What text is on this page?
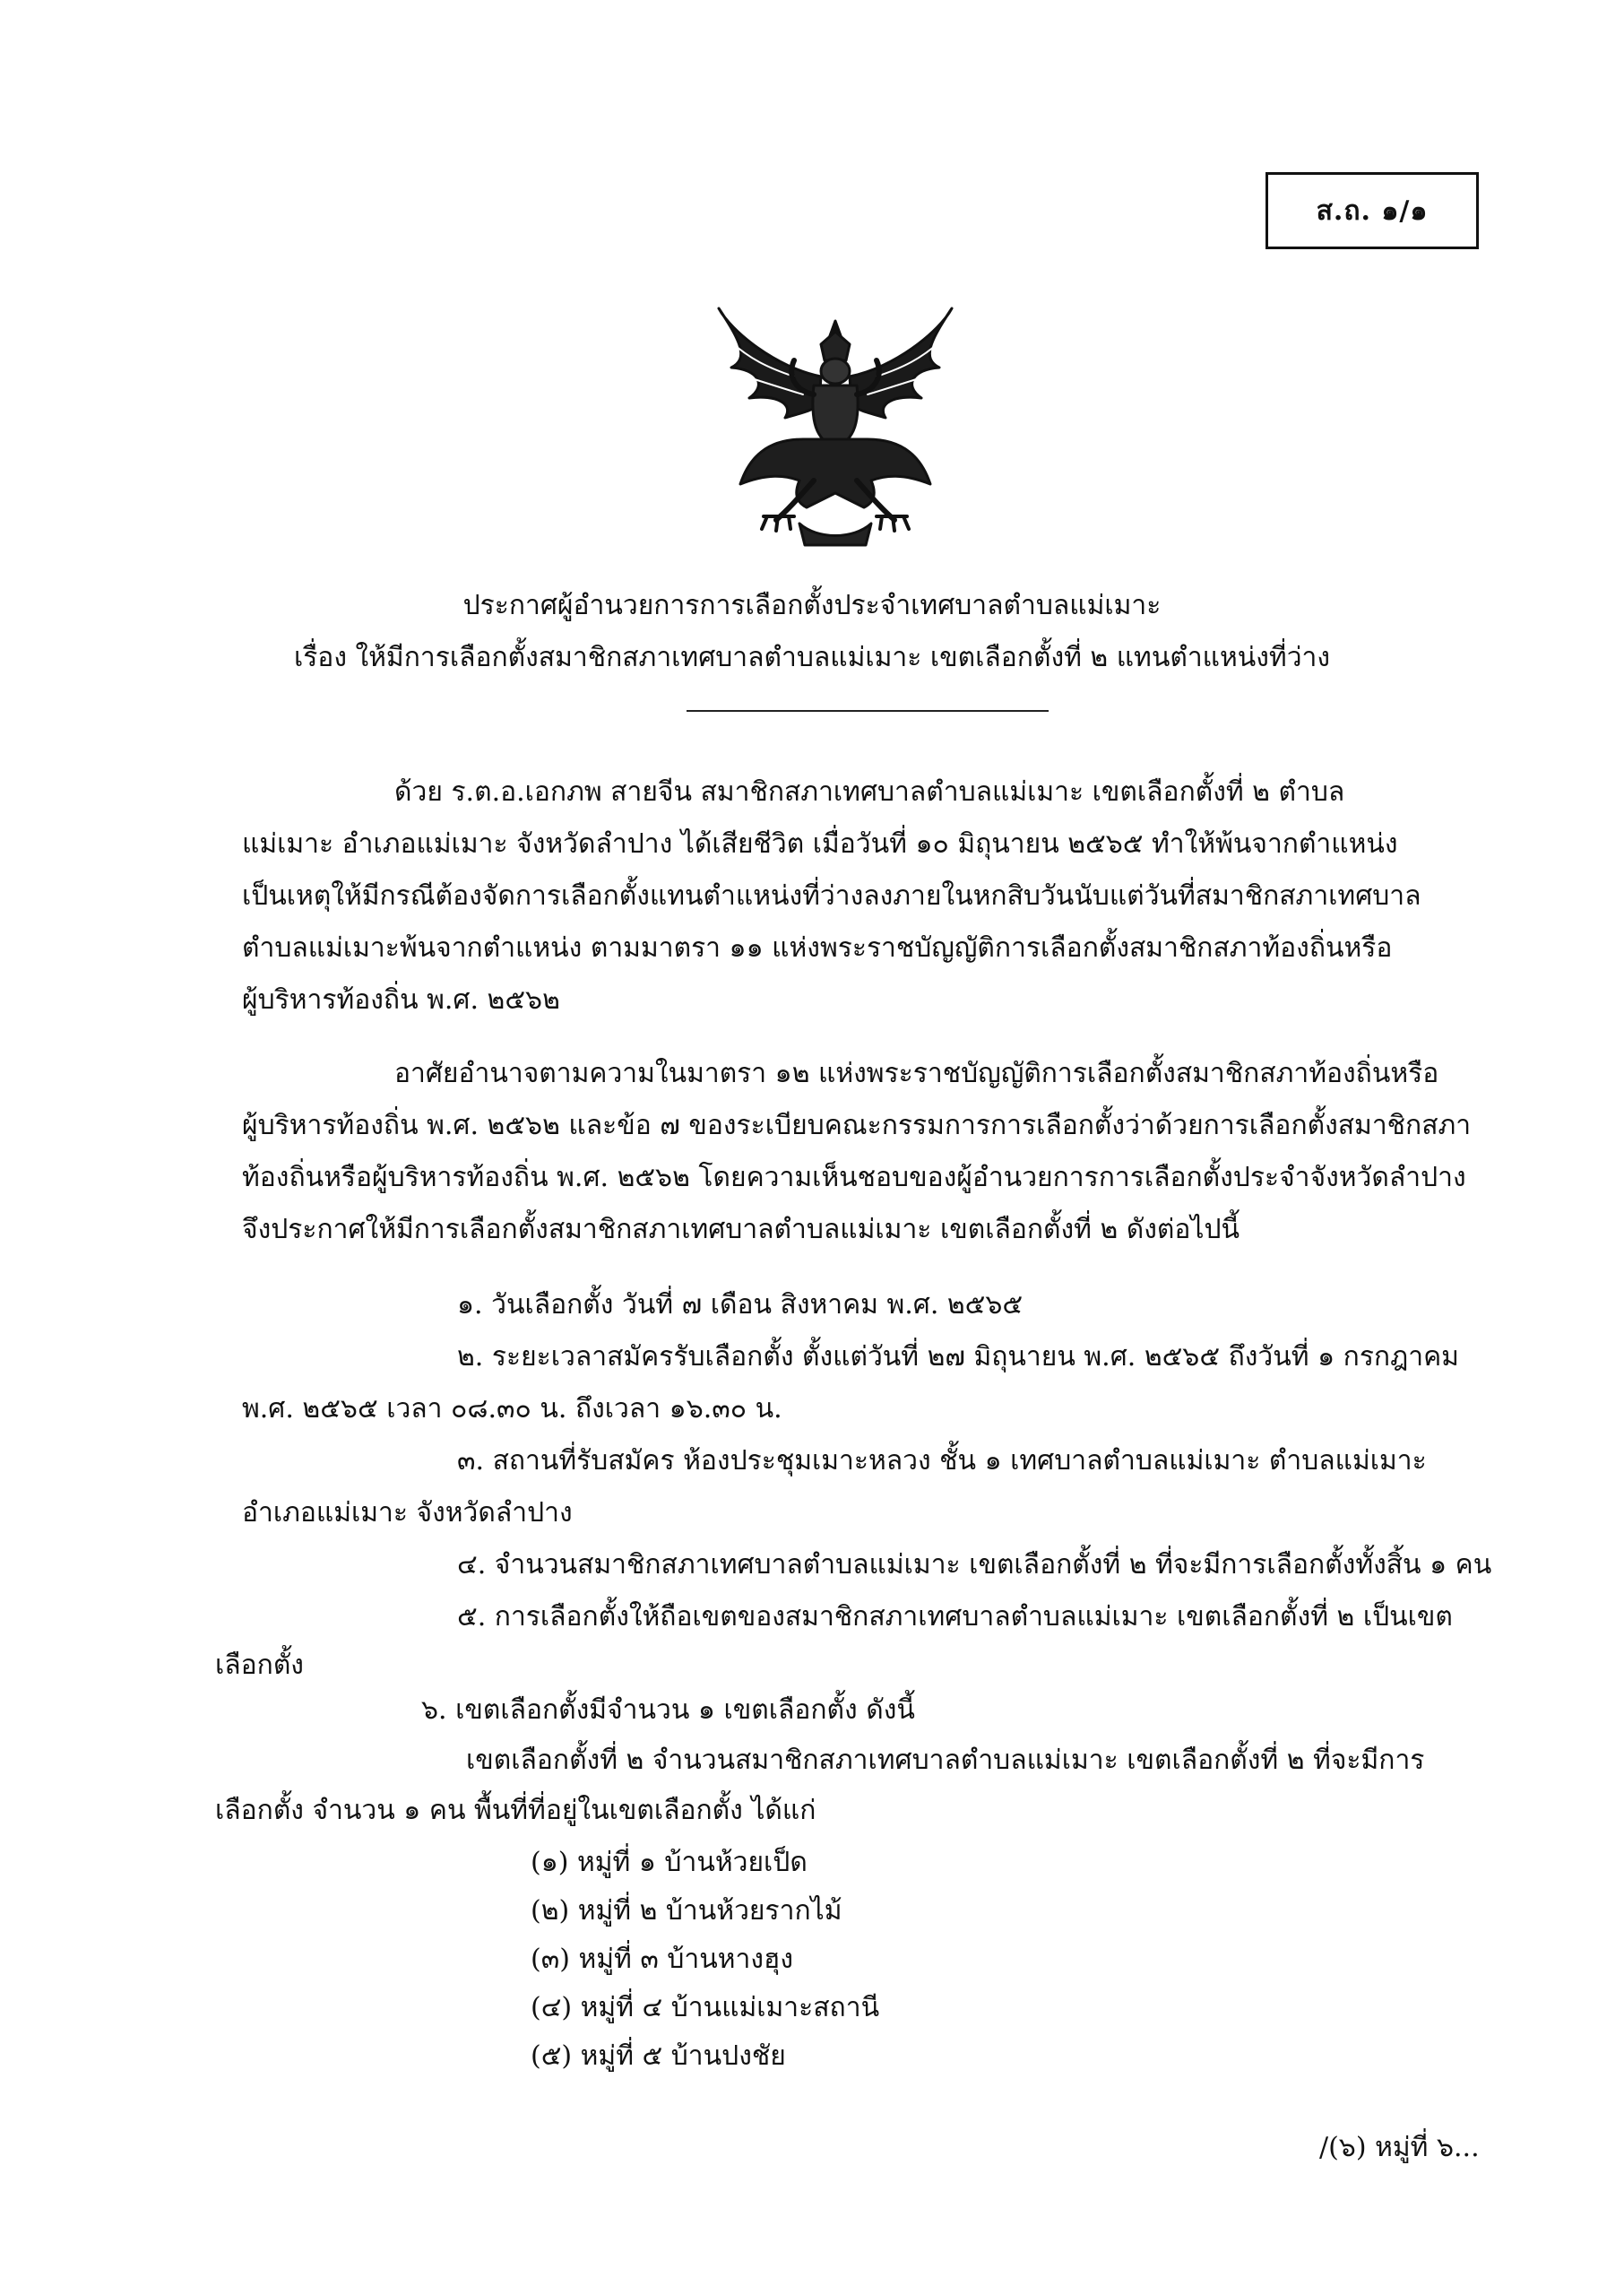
ส.ถ. ๑/๑
ประกาศผู้อำนวยการการเลือกตั้งประจำเทศบาลตำบลแม่เมาะ
เรื่อง ให้มีการเลือกตั้งสมาชิกสภาเทศบาลตำบลแม่เมาะ เขตเลือกตั้งที่ ๒ แทนตำแหน่งที่ว่าง
ด้วย ร.ต.อ.เอกภพ สายจีน สมาชิกสภาเทศบาลตำบลแม่เมาะ เขตเลือกตั้งที่ ๒ ตำบล
แม่เมาะ อำเภอแม่เมาะ จังหวัดลำปาง ได้เสียชีวิต เมื่อวันที่ ๑๐ มิถุนายน ๒๕๖๕ ทำให้พ้นจากตำแหน่ง
เป็นเหตุให้มีกรณีต้องจัดการเลือกตั้งแทนตำแหน่งที่ว่างลงภายในหกสิบวันนับแต่วันที่สมาชิกสภาเทศบาล
ตำบลแม่เมาะพ้นจากตำแหน่ง ตามมาตรา ๑๑ แห่งพระราชบัญญัติการเลือกตั้งสมาชิกสภาท้องถิ่นหรือ
ผู้บริหารท้องถิ่น พ.ศ. ๒๕๖๒
อาศัยอำนาจตามความในมาตรา ๑๒ แห่งพระราชบัญญัติการเลือกตั้งสมาชิกสภาท้องถิ่นหรือ
ผู้บริหารท้องถิ่น พ.ศ. ๒๕๖๒ และข้อ ๗ ของระเบียบคณะกรรมการการเลือกตั้งว่าด้วยการเลือกตั้งสมาชิกสภา
ท้องถิ่นหรือผู้บริหารท้องถิ่น พ.ศ. ๒๕๖๒ โดยความเห็นชอบของผู้อำนวยการการเลือกตั้งประจำจังหวัดลำปาง
จึงประกาศให้มีการเลือกตั้งสมาชิกสภาเทศบาลตำบลแม่เมาะ เขตเลือกตั้งที่ ๒ ดังต่อไปนี้
๑. วันเลือกตั้ง วันที่ ๗ เดือน สิงหาคม พ.ศ. ๒๕๖๕
๒. ระยะเวลาสมัครรับเลือกตั้ง ตั้งแต่วันที่ ๒๗ มิถุนายน พ.ศ. ๒๕๖๕ ถึงวันที่ ๑ กรกฎาคม
พ.ศ. ๒๕๖๕ เวลา ๐๘.๓๐ น. ถึงเวลา ๑๖.๓๐ น.
๓. สถานที่รับสมัคร ห้องประชุมเมาะหลวง ชั้น ๑ เทศบาลตำบลแม่เมาะ ตำบลแม่เมาะ
อำเภอแม่เมาะ จังหวัดลำปาง
๔. จำนวนสมาชิกสภาเทศบาลตำบลแม่เมาะ เขตเลือกตั้งที่ ๒ ที่จะมีการเลือกตั้งทั้งสิ้น ๑ คน
๕. การเลือกตั้งให้ถือเขตของสมาชิกสภาเทศบาลตำบลแม่เมาะ เขตเลือกตั้งที่ ๒ เป็นเขต
เลือกตั้ง
๖. เขตเลือกตั้งมีจำนวน ๑ เขตเลือกตั้ง ดังนี้
เขตเลือกตั้งที่ ๒ จำนวนสมาชิกสภาเทศบาลตำบลแม่เมาะ เขตเลือกตั้งที่ ๒ ที่จะมีการ
เลือกตั้ง จำนวน ๑ คน พื้นที่ที่อยู่ในเขตเลือกตั้ง ได้แก่
(๑) หมู่ที่ ๑ บ้านห้วยเป็ด
(๒) หมู่ที่ ๒ บ้านห้วยรากไม้
(๓) หมู่ที่ ๓ บ้านหางฮุง
(๔) หมู่ที่ ๔ บ้านแม่เมาะสถานี
(๕) หมู่ที่ ๕ บ้านปงชัย
/(๖) หมู่ที่ ๖...
